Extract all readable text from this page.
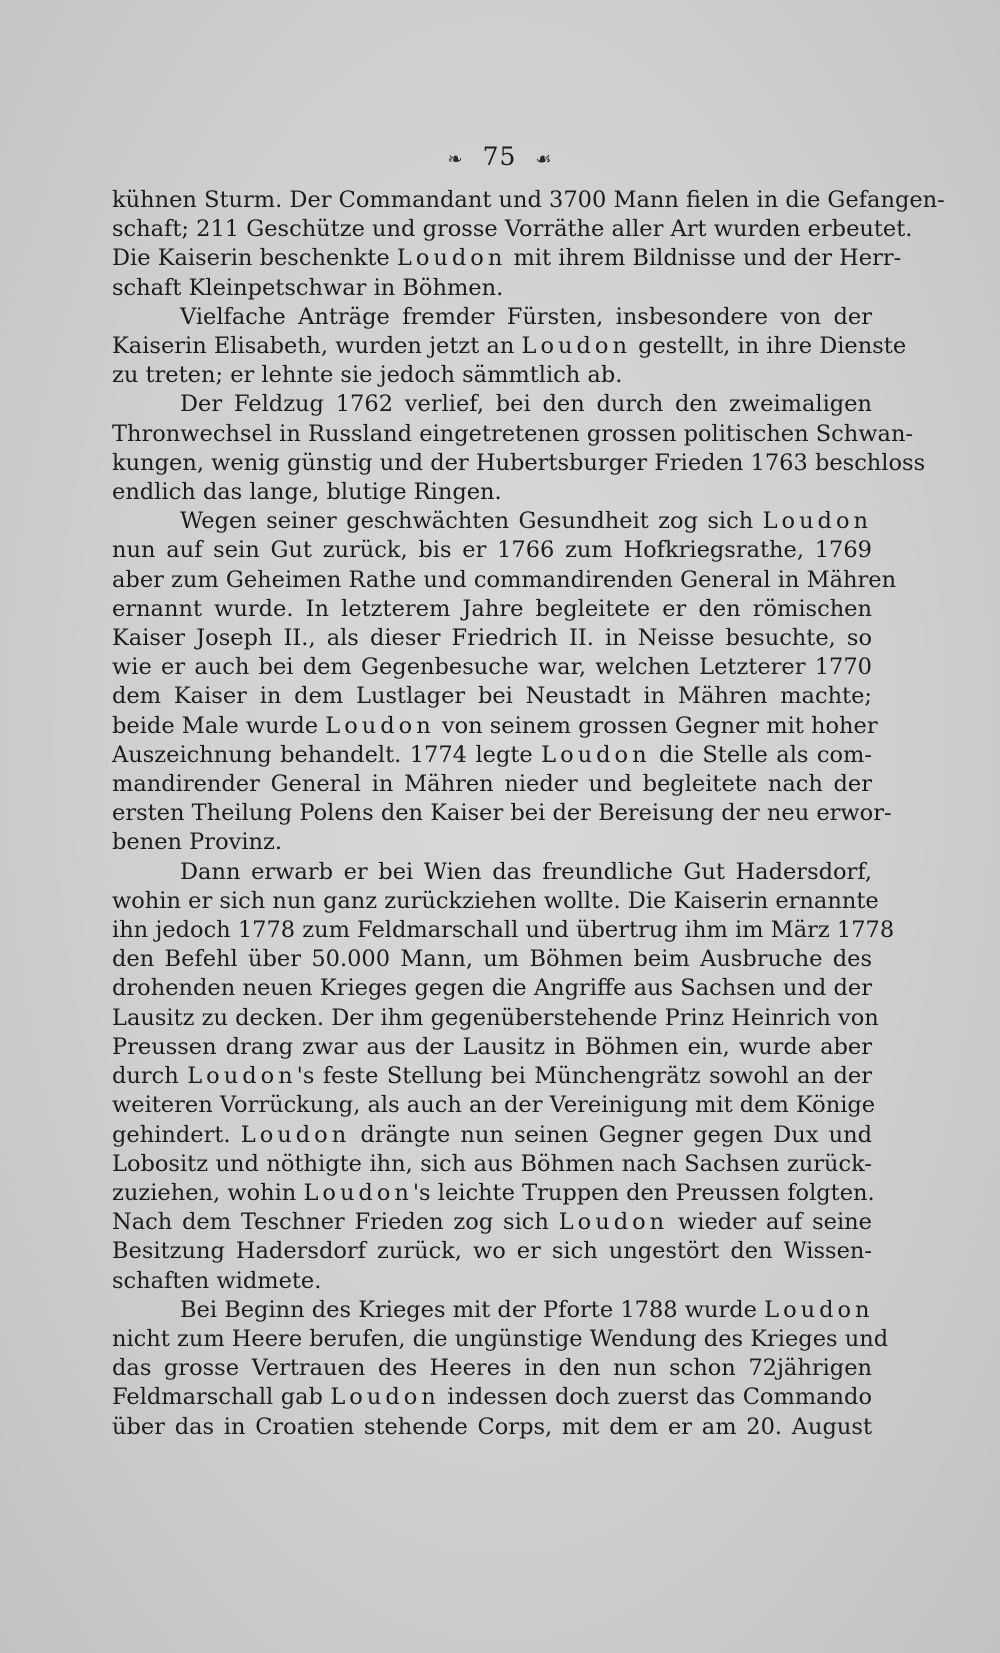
❧ 75 ☙
kühnen Sturm. Der Commandant und 3700 Mann fielen in die Gefangen-
schaft; 211 Geschütze und grosse Vorräthe aller Art wurden erbeutet.
Die Kaiserin beschenkte Loudon mit ihrem Bildnisse und der Herr-
schaft Kleinpetschwar in Böhmen.
Vielfache Anträge fremder Fürsten, insbesondere von der
Kaiserin Elisabeth, wurden jetzt an Loudon gestellt, in ihre Dienste
zu treten; er lehnte sie jedoch sämmtlich ab.
Der Feldzug 1762 verlief, bei den durch den zweimaligen
Thronwechsel in Russland eingetretenen grossen politischen Schwan-
kungen, wenig günstig und der Hubertsburger Frieden 1763 beschloss
endlich das lange, blutige Ringen.
Wegen seiner geschwächten Gesundheit zog sich Loudon
nun auf sein Gut zurück, bis er 1766 zum Hofkriegsrathe, 1769
aber zum Geheimen Rathe und commandirenden General in Mähren
ernannt wurde. In letzterem Jahre begleitete er den römischen
Kaiser Joseph II., als dieser Friedrich II. in Neisse besuchte, so
wie er auch bei dem Gegenbesuche war, welchen Letzterer 1770
dem Kaiser in dem Lustlager bei Neustadt in Mähren machte;
beide Male wurde Loudon von seinem grossen Gegner mit hoher
Auszeichnung behandelt. 1774 legte Loudon die Stelle als com-
mandirender General in Mähren nieder und begleitete nach der
ersten Theilung Polens den Kaiser bei der Bereisung der neu erwor-
benen Provinz.
Dann erwarb er bei Wien das freundliche Gut Hadersdorf,
wohin er sich nun ganz zurückziehen wollte. Die Kaiserin ernannte
ihn jedoch 1778 zum Feldmarschall und übertrug ihm im März 1778
den Befehl über 50.000 Mann, um Böhmen beim Ausbruche des
drohenden neuen Krieges gegen die Angriffe aus Sachsen und der
Lausitz zu decken. Der ihm gegenüberstehende Prinz Heinrich von
Preussen drang zwar aus der Lausitz in Böhmen ein, wurde aber
durch Loudon's feste Stellung bei Münchengrätz sowohl an der
weiteren Vorrückung, als auch an der Vereinigung mit dem Könige
gehindert. Loudon drängte nun seinen Gegner gegen Dux und
Lobositz und nöthigte ihn, sich aus Böhmen nach Sachsen zurück-
zuziehen, wohin Loudon's leichte Truppen den Preussen folgten.
Nach dem Teschner Frieden zog sich Loudon wieder auf seine
Besitzung Hadersdorf zurück, wo er sich ungestört den Wissen-
schaften widmete.
Bei Beginn des Krieges mit der Pforte 1788 wurde Loudon
nicht zum Heere berufen, die ungünstige Wendung des Krieges und
das grosse Vertrauen des Heeres in den nun schon 72jährigen
Feldmarschall gab Loudon indessen doch zuerst das Commando
über das in Croatien stehende Corps, mit dem er am 20. August
